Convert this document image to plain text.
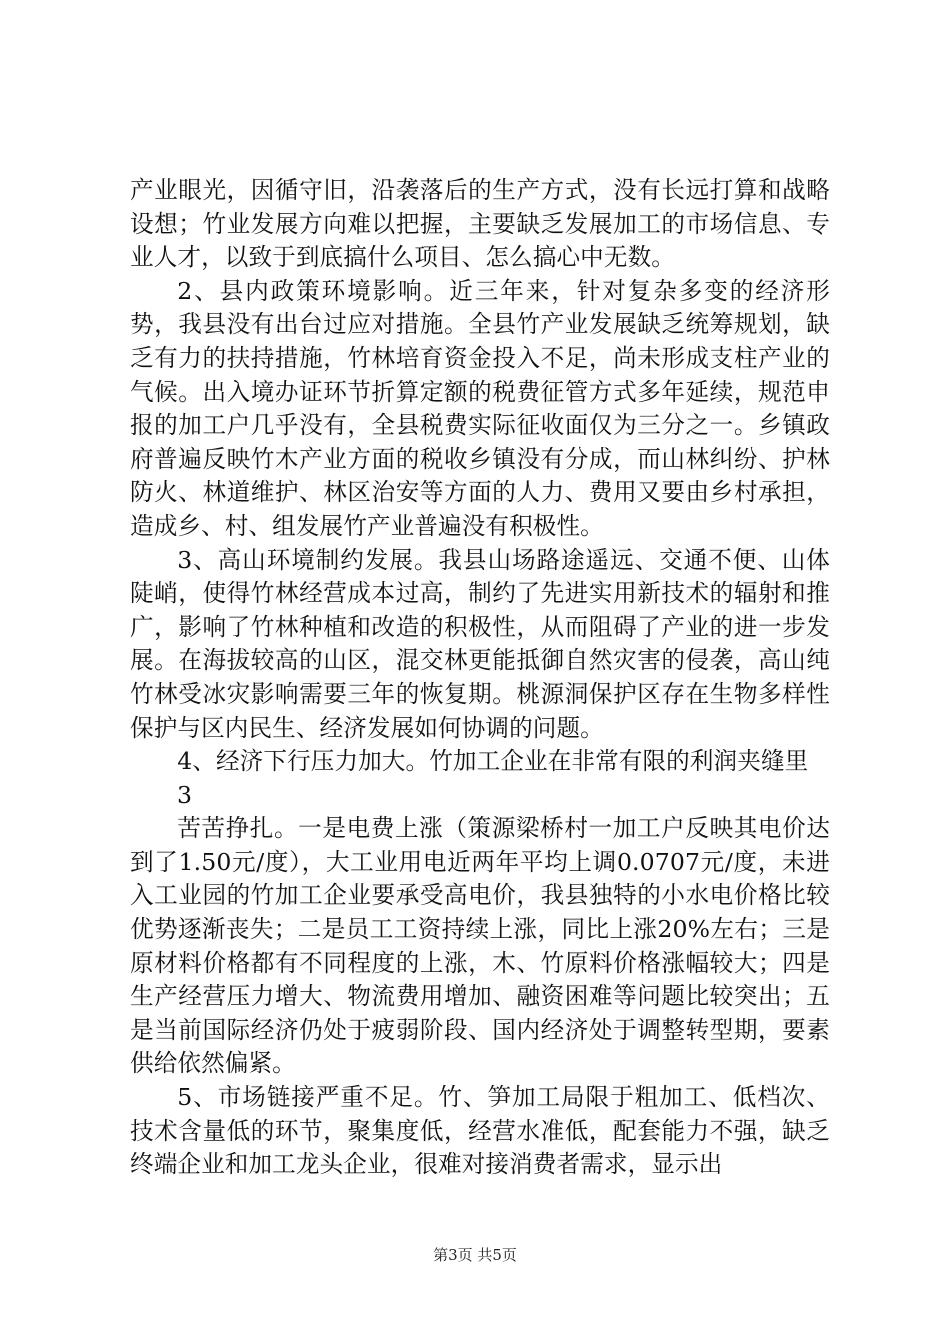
产业眼光，因循守旧，沿袭落后的生产方式，没有长远打算和战略设想；竹业发展方向难以把握，主要缺乏发展加工的市场信息、专业人才，以致于到底搞什么项目、怎么搞心中无数。

2、县内政策环境影响。近三年来，针对复杂多变的经济形势，我县没有出台过应对措施。全县竹产业发展缺乏统筹规划，缺乏有力的扶持措施，竹林培育资金投入不足，尚未形成支柱产业的气候。出入境办证环节折算定额的税费征管方式多年延续，规范申报的加工户几乎没有，全县税费实际征收面仅为三分之一。乡镇政府普遍反映竹木产业方面的税收乡镇没有分成，而山林纠纷、护林防火、林道维护、林区治安等方面的人力、费用又要由乡村承担，造成乡、村、组发展竹产业普遍没有积极性。

3、高山环境制约发展。我县山场路途遥远、交通不便、山体陡峭，使得竹林经营成本过高，制约了先进实用新技术的辐射和推广，影响了竹林种植和改造的积极性，从而阻碍了产业的进一步发展。在海拔较高的山区，混交林更能抵御自然灾害的侵袭，高山纯竹林受冰灾影响需要三年的恢复期。桃源洞保护区存在生物多样性保护与区内民生、经济发展如何协调的问题。

4、经济下行压力加大。竹加工企业在非常有限的利润夹缝里

3

苦苦挣扎。一是电费上涨（策源梁桥村一加工户反映其电价达到了1.50元/度），大工业用电近两年平均上调0.0707元/度，未进入工业园的竹加工企业要承受高电价，我县独特的小水电价格比较优势逐渐丧失；二是员工工资持续上涨，同比上涨20%左右；三是原材料价格都有不同程度的上涨，木、竹原料价格涨幅较大；四是生产经营压力增大、物流费用增加、融资困难等问题比较突出；五是当前国际经济仍处于疲弱阶段、国内经济处于调整转型期，要素供给依然偏紧。

5、市场链接严重不足。竹、笋加工局限于粗加工、低档次、技术含量低的环节，聚集度低，经营水准低，配套能力不强，缺乏终端企业和加工龙头企业，很难对接消费者需求，显示出

第3页 共5页
